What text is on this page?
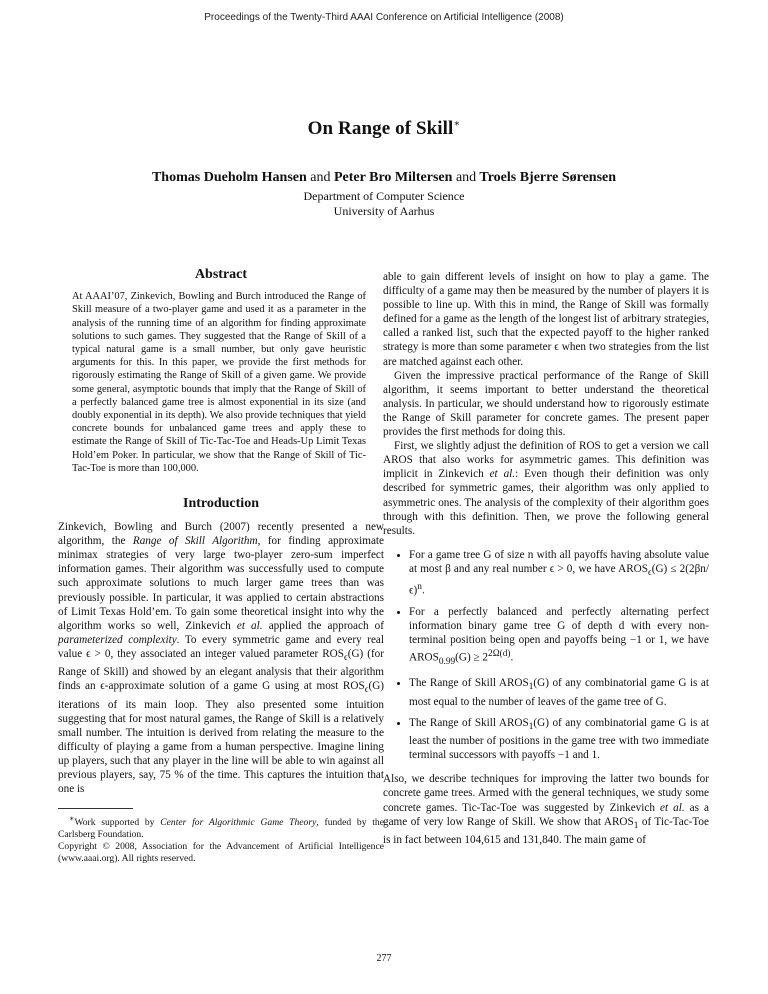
Proceedings of the Twenty-Third AAAI Conference on Artificial Intelligence (2008)
On Range of Skill∗
Thomas Dueholm Hansen and Peter Bro Miltersen and Troels Bjerre Sørensen
Department of Computer Science
University of Aarhus
Abstract

At AAAI’07, Zinkevich, Bowling and Burch introduced the Range of Skill measure of a two-player game and used it as a parameter in the analysis of the running time of an algorithm for finding approximate solutions to such games. They suggested that the Range of Skill of a typical natural game is a small number, but only gave heuristic arguments for this. In this paper, we provide the first methods for rigorously estimating the Range of Skill of a given game. We provide some general, asymptotic bounds that imply that the Range of Skill of a perfectly balanced game tree is almost exponential in its size (and doubly exponential in its depth). We also provide techniques that yield concrete bounds for unbalanced game trees and apply these to estimate the Range of Skill of Tic-Tac-Toe and Heads-Up Limit Texas Hold’em Poker. In particular, we show that the Range of Skill of Tic-Tac-Toe is more than 100,000.

Introduction

Zinkevich, Bowling and Burch (2007) recently presented a new algorithm, the Range of Skill Algorithm, for finding approximate minimax strategies of very large two-player zero-sum imperfect information games. Their algorithm was successfully used to compute such approximate solutions to much larger game trees than was previously possible. In particular, it was applied to certain abstractions of Limit Texas Hold’em. To gain some theoretical insight into why the algorithm works so well, Zinkevich et al. applied the approach of parameterized complexity. To every symmetric game and every real value ϵ > 0, they associated an integer valued parameter $ROS_\epsilon(G)$ (for Range of Skill) and showed by an elegant analysis that their algorithm finds an ϵ-approximate solution of a game G using at most $ROS_\epsilon(G)$ iterations of its main loop. They also presented some intuition suggesting that for most natural games, the Range of Skill is a relatively small number. The intuition is derived from relating the measure to the difficulty of playing a game from a human perspective. Imagine lining up players, such that any player in the line will be able to win against all previous players, say, 75 % of the time. This captures the intuition that one is

∗Work supported by Center for Algorithmic Game Theory, funded by the Carlsberg Foundation.

Copyright © 2008, Association for the Advancement of Artificial Intelligence (www.aaai.org). All rights reserved.

able to gain different levels of insight on how to play a game. The difficulty of a game may then be measured by the number of players it is possible to line up. With this in mind, the Range of Skill was formally defined for a game as the length of the longest list of arbitrary strategies, called a ranked list, such that the expected payoff to the higher ranked strategy is more than some parameter ϵ when two strategies from the list are matched against each other.

Given the impressive practical performance of the Range of Skill algorithm, it seems important to better understand the theoretical analysis. In particular, we should understand how to rigorously estimate the Range of Skill parameter for concrete games. The present paper provides the first methods for doing this.

First, we slightly adjust the definition of ROS to get a version we call AROS that also works for asymmetric games. This definition was implicit in Zinkevich et al.: Even though their definition was only described for symmetric games, their algorithm was only applied to asymmetric ones. The analysis of the complexity of their algorithm goes through with this definition. Then, we prove the following general results.

• For a game tree G of size n with all payoffs having absolute value at most β and any real number ϵ > 0, we have $AROS_\epsilon(G) \le 2(2\beta n/\epsilon)^n$.
• For a perfectly balanced and perfectly alternating perfect information binary game tree G of depth d with every non-terminal position being open and payoffs being −1 or 1, we have $AROS_{0.99}(G) \ge 2^{2\Omega(d)}$.
• The Range of Skill $AROS_1(G)$ of any combinatorial game G is at most equal to the number of leaves of the game tree of G.
• The Range of Skill $AROS_1(G)$ of any combinatorial game G is at least the number of positions in the game tree with two immediate terminal successors with payoffs −1 and 1.

Also, we describe techniques for improving the latter two bounds for concrete game trees. Armed with the general techniques, we study some concrete games. Tic-Tac-Toe was suggested by Zinkevich et al. as a game of very low Range of Skill. We show that $AROS_1$ of Tic-Tac-Toe is in fact between 104,615 and 131,840. The main game of

277
